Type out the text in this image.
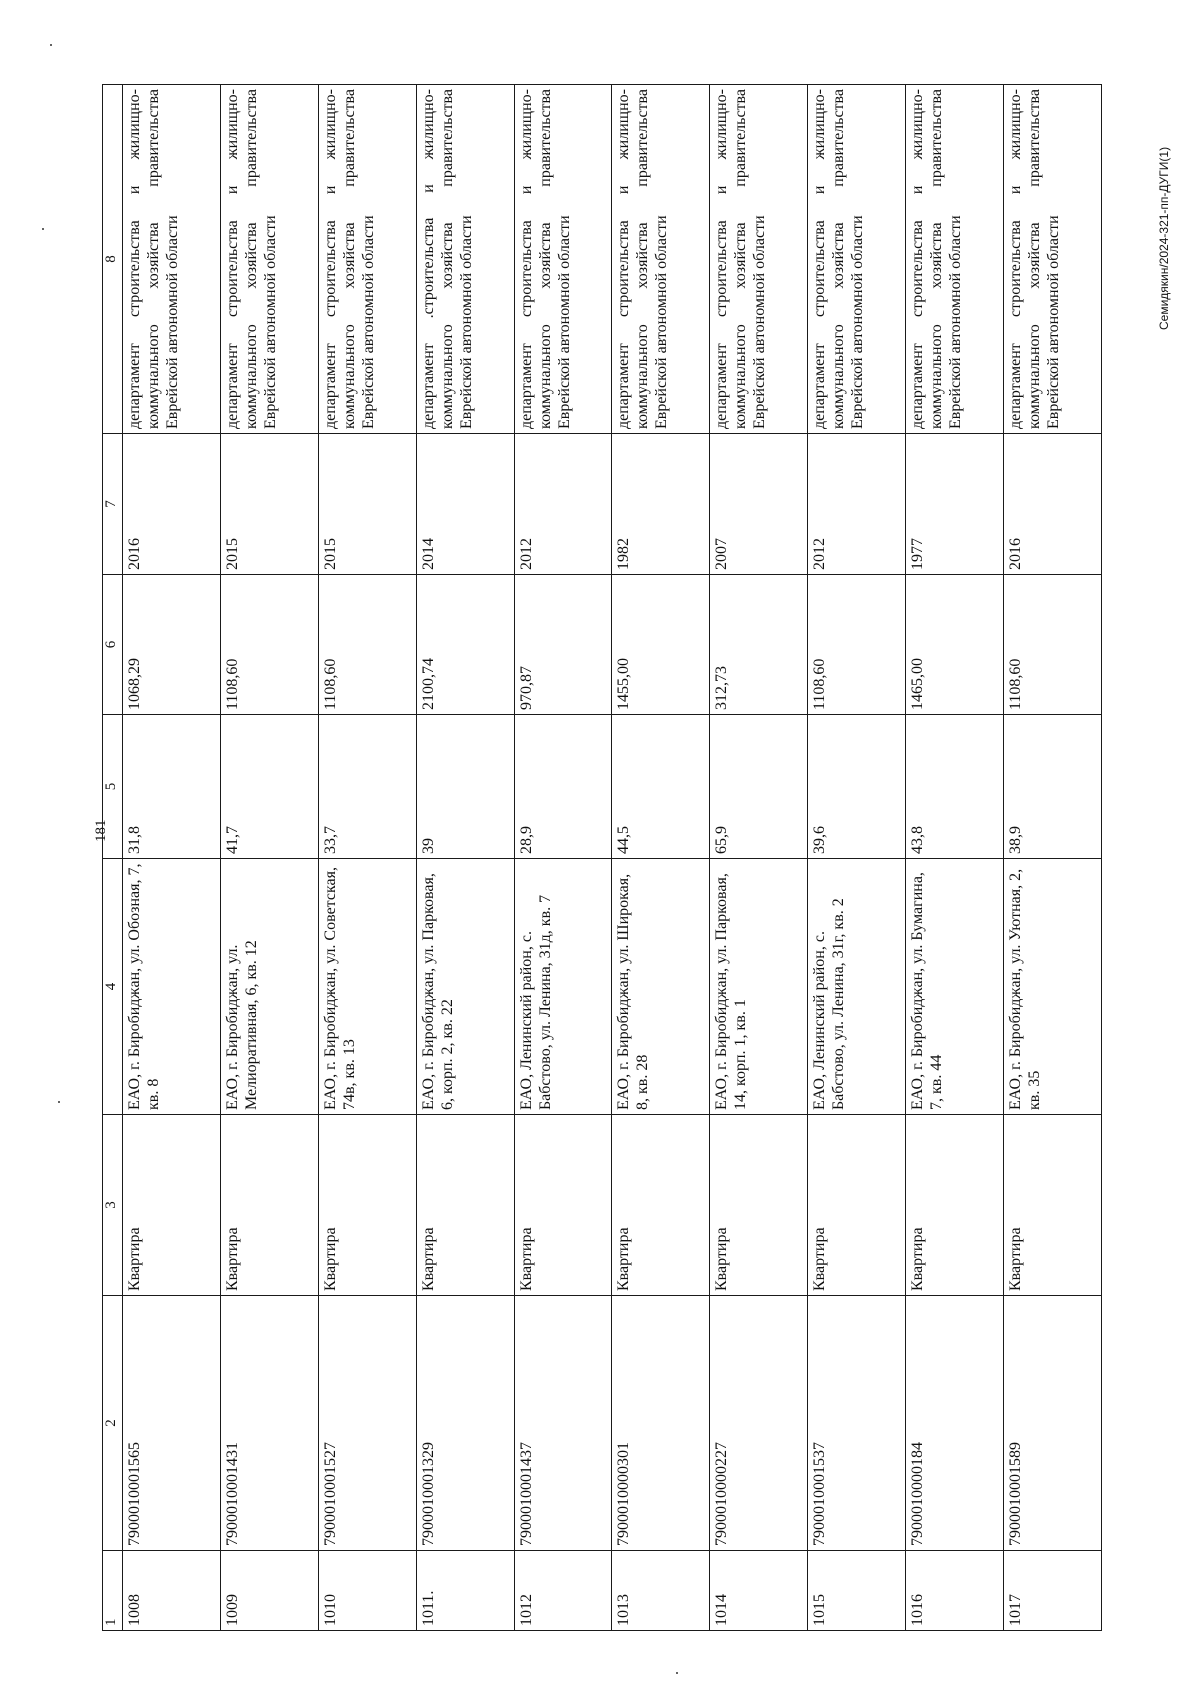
181
Семидякин/2024-321-пп-ДУГИ(1)
1	2	3	4	5	6	7	8
1008	7900010001565	Квартира	ЕАО, г. Биробиджан, ул. Обозная, 7, кв. 8	31,8	1068,29	2016	департамент строительства и жилищно-коммунального хозяйства правительства Еврейской автономной области
1009	7900010001431	Квартира	ЕАО, г. Биробиджан, ул. Мелиоративная, 6, кв. 12	41,7	1108,60	2015	департамент строительства и жилищно-коммунального хозяйства правительства Еврейской автономной области
1010	7900010001527	Квартира	ЕАО, г. Биробиджан, ул. Советская, 74в, кв. 13	33,7	1108,60	2015	департамент строительства и жилищно-коммунального хозяйства правительства Еврейской автономной области
1011.	7900010001329	Квартира	ЕАО, г. Биробиджан, ул. Парковая, 6, корп. 2, кв. 22	39	2100,74	2014	департамент .строительства и жилищно-коммунального хозяйства правительства Еврейской автономной области
1012	7900010001437	Квартира	ЕАО, Ленинский район, с. Бабстово, ул. Ленина, 31д, кв. 7	28,9	970,87	2012	департамент строительства и жилищно-коммунального хозяйства правительства Еврейской автономной области
1013	7900010000301	Квартира	ЕАО, г. Биробиджан, ул. Широкая, 8, кв. 28	44,5	1455,00	1982	департамент строительства и жилищно-коммунального хозяйства правительства Еврейской автономной области
1014	7900010000227	Квартира	ЕАО, г. Биробиджан, ул. Парковая, 14, корп. 1, кв. 1	65,9	312,73	2007	департамент строительства и жилищно-коммунального хозяйства правительства Еврейской автономной области
1015	7900010001537	Квартира	ЕАО, Ленинский район, с. Бабстово, ул. Ленина, 31г, кв. 2	39,6	1108,60	2012	департамент строительства и жилищно-коммунального хозяйства правительства Еврейской автономной области
1016	7900010000184	Квартира	ЕАО, г. Биробиджан, ул. Бумагина, 7, кв. 44	43,8	1465,00	1977	департамент строительства и жилищно-коммунального хозяйства правительства Еврейской автономной области
1017	7900010001589	Квартира	ЕАО, г. Биробиджан, ул. Уютная, 2, кв. 35	38,9	1108,60	2016	департамент строительства и жилищно-коммунального хозяйства правительства Еврейской автономной области
